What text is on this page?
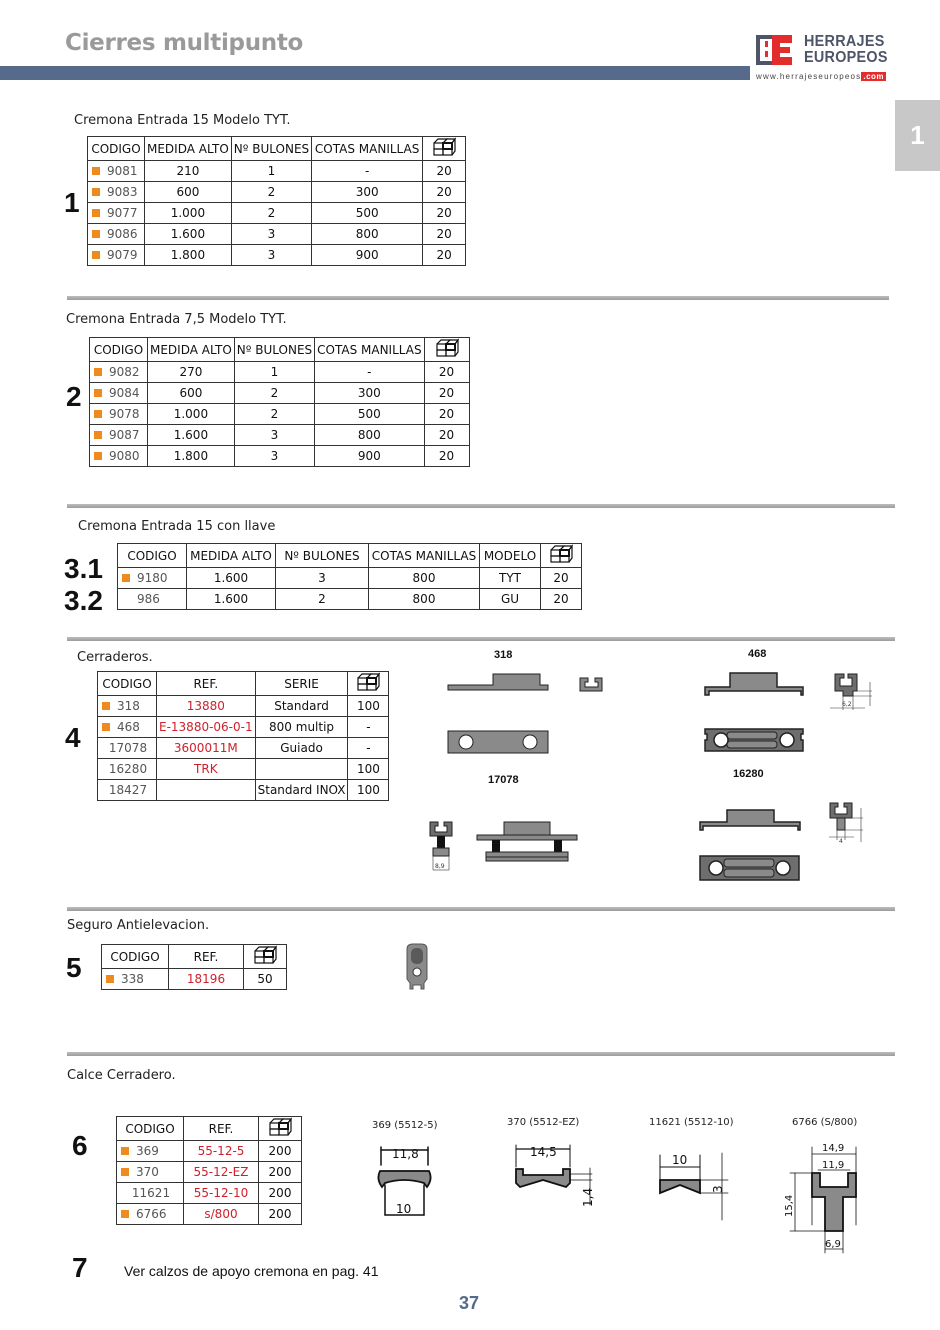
Cierres multipunto	HERRAJES
EUROPEOS
www.herrajeseuropeos .com
1
Cremona Entrada 15 Modelo TYT.
1
CODIGO	MEDIDA ALTO	Nº BULONES	COTAS MANILLAS	
9081	210	1	-	20
9083	600	2	300	20
9077	1.000	2	500	20
9086	1.600	3	800	20
9079	1.800	3	900	20
Cremona Entrada 7,5 Modelo TYT.
2
CODIGO	MEDIDA ALTO	Nº BULONES	COTAS MANILLAS	
9082	270	1	-	20
9084	600	2	300	20
9078	1.000	2	500	20
9087	1.600	3	800	20
9080	1.800	3	900	20
Cremona Entrada 15 con llave
3.1
3.2
CODIGO	MEDIDA ALTO	Nº BULONES	COTAS MANILLAS	MODELO	
9180	1.600	3	800	TYT	20
986	1.600	2	800	GU	20
Cerraderos.
4
CODIGO	REF.	SERIE	
318	13880	Standard	100
468	E-13880-06-0-1	800 multip	-
17078	3600011M	Guiado	-
16280	TRK		100
18427		Standard INOX	100
318	468
17078	16280
6,2
8,9
4
Seguro Antielevacion.
5 CODIGO	REF.	
338	18196	50
Calce Cerradero.
6
CODIGO	REF.	
369	55-12-5	200
370	55-12-EZ	200
11621	55-12-10	200
6766	s/800	200
369 (5512-5)	370 (5512-EZ)	11621 (5512-10)	6766 (S/800)
11,8
10
14,5
1,4
10
3
14,9
11,9
15,4
6,9
7	Ver calzos de apoyo cremona en pag. 41
37
